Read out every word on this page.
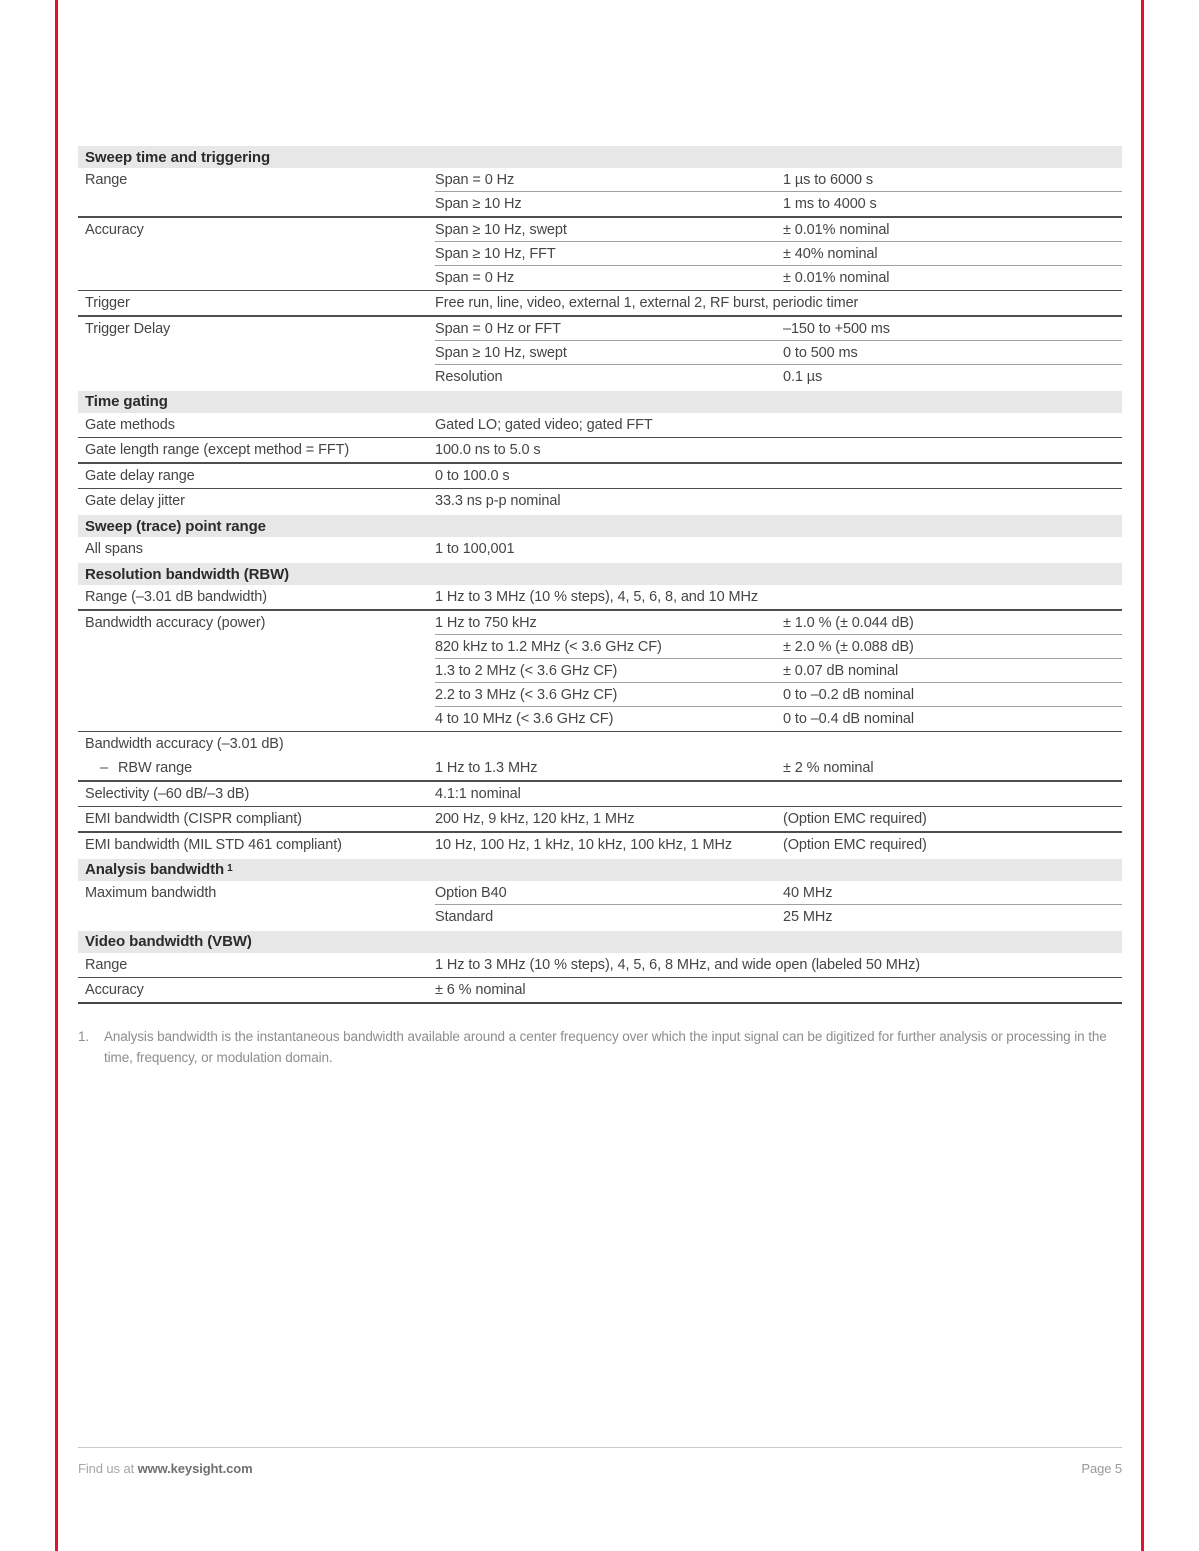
Sweep time and triggering
Range	Span = 0 Hz	1 µs to 6000 s
Span ≥ 10 Hz	1 ms to 4000 s
Accuracy	Span ≥ 10 Hz, swept	± 0.01% nominal
Span ≥ 10 Hz, FFT	± 40% nominal
Span = 0 Hz	± 0.01% nominal
Trigger	Free run, line, video, external 1, external 2, RF burst, periodic timer
Trigger Delay	Span = 0 Hz or FFT	–150 to +500 ms
Span ≥ 10 Hz, swept	0 to 500 ms
Resolution	0.1 µs
Time gating
Gate methods	Gated LO; gated video; gated FFT
Gate length range (except method = FFT)	100.0 ns to 5.0 s
Gate delay range	0 to 100.0 s
Gate delay jitter	33.3 ns p-p nominal
Sweep (trace) point range
All spans	1 to 100,001
Resolution bandwidth (RBW)
Range (–3.01 dB bandwidth)	1 Hz to 3 MHz (10 % steps), 4, 5, 6, 8, and 10 MHz
Bandwidth accuracy (power)	1 Hz to 750 kHz	± 1.0 % (± 0.044 dB)
820 kHz to 1.2 MHz (< 3.6 GHz CF)	± 2.0 % (± 0.088 dB)
1.3 to 2 MHz (< 3.6 GHz CF)	± 0.07 dB nominal
2.2 to 3 MHz (< 3.6 GHz CF)	0 to –0.2 dB nominal
4 to 10 MHz (< 3.6 GHz CF)	0 to –0.4 dB nominal
Bandwidth accuracy (–3.01 dB)
– RBW range	1 Hz to 1.3 MHz	± 2 % nominal
Selectivity (–60 dB/–3 dB)	4.1:1 nominal
EMI bandwidth (CISPR compliant)	200 Hz, 9 kHz, 120 kHz, 1 MHz	(Option EMC required)
EMI bandwidth (MIL STD 461 compliant)	10 Hz, 100 Hz, 1 kHz, 10 kHz, 100 kHz, 1 MHz	(Option EMC required)
Analysis bandwidth 1
Maximum bandwidth	Option B40	40 MHz
Standard	25 MHz
Video bandwidth (VBW)
Range	1 Hz to 3 MHz (10 % steps), 4, 5, 6, 8 MHz, and wide open (labeled 50 MHz)
Accuracy	± 6 % nominal
1.	Analysis bandwidth is the instantaneous bandwidth available around a center frequency over which the input signal can be digitized for further analysis or processing in the time, frequency, or modulation domain.
Find us at www.keysight.com	Page 5
